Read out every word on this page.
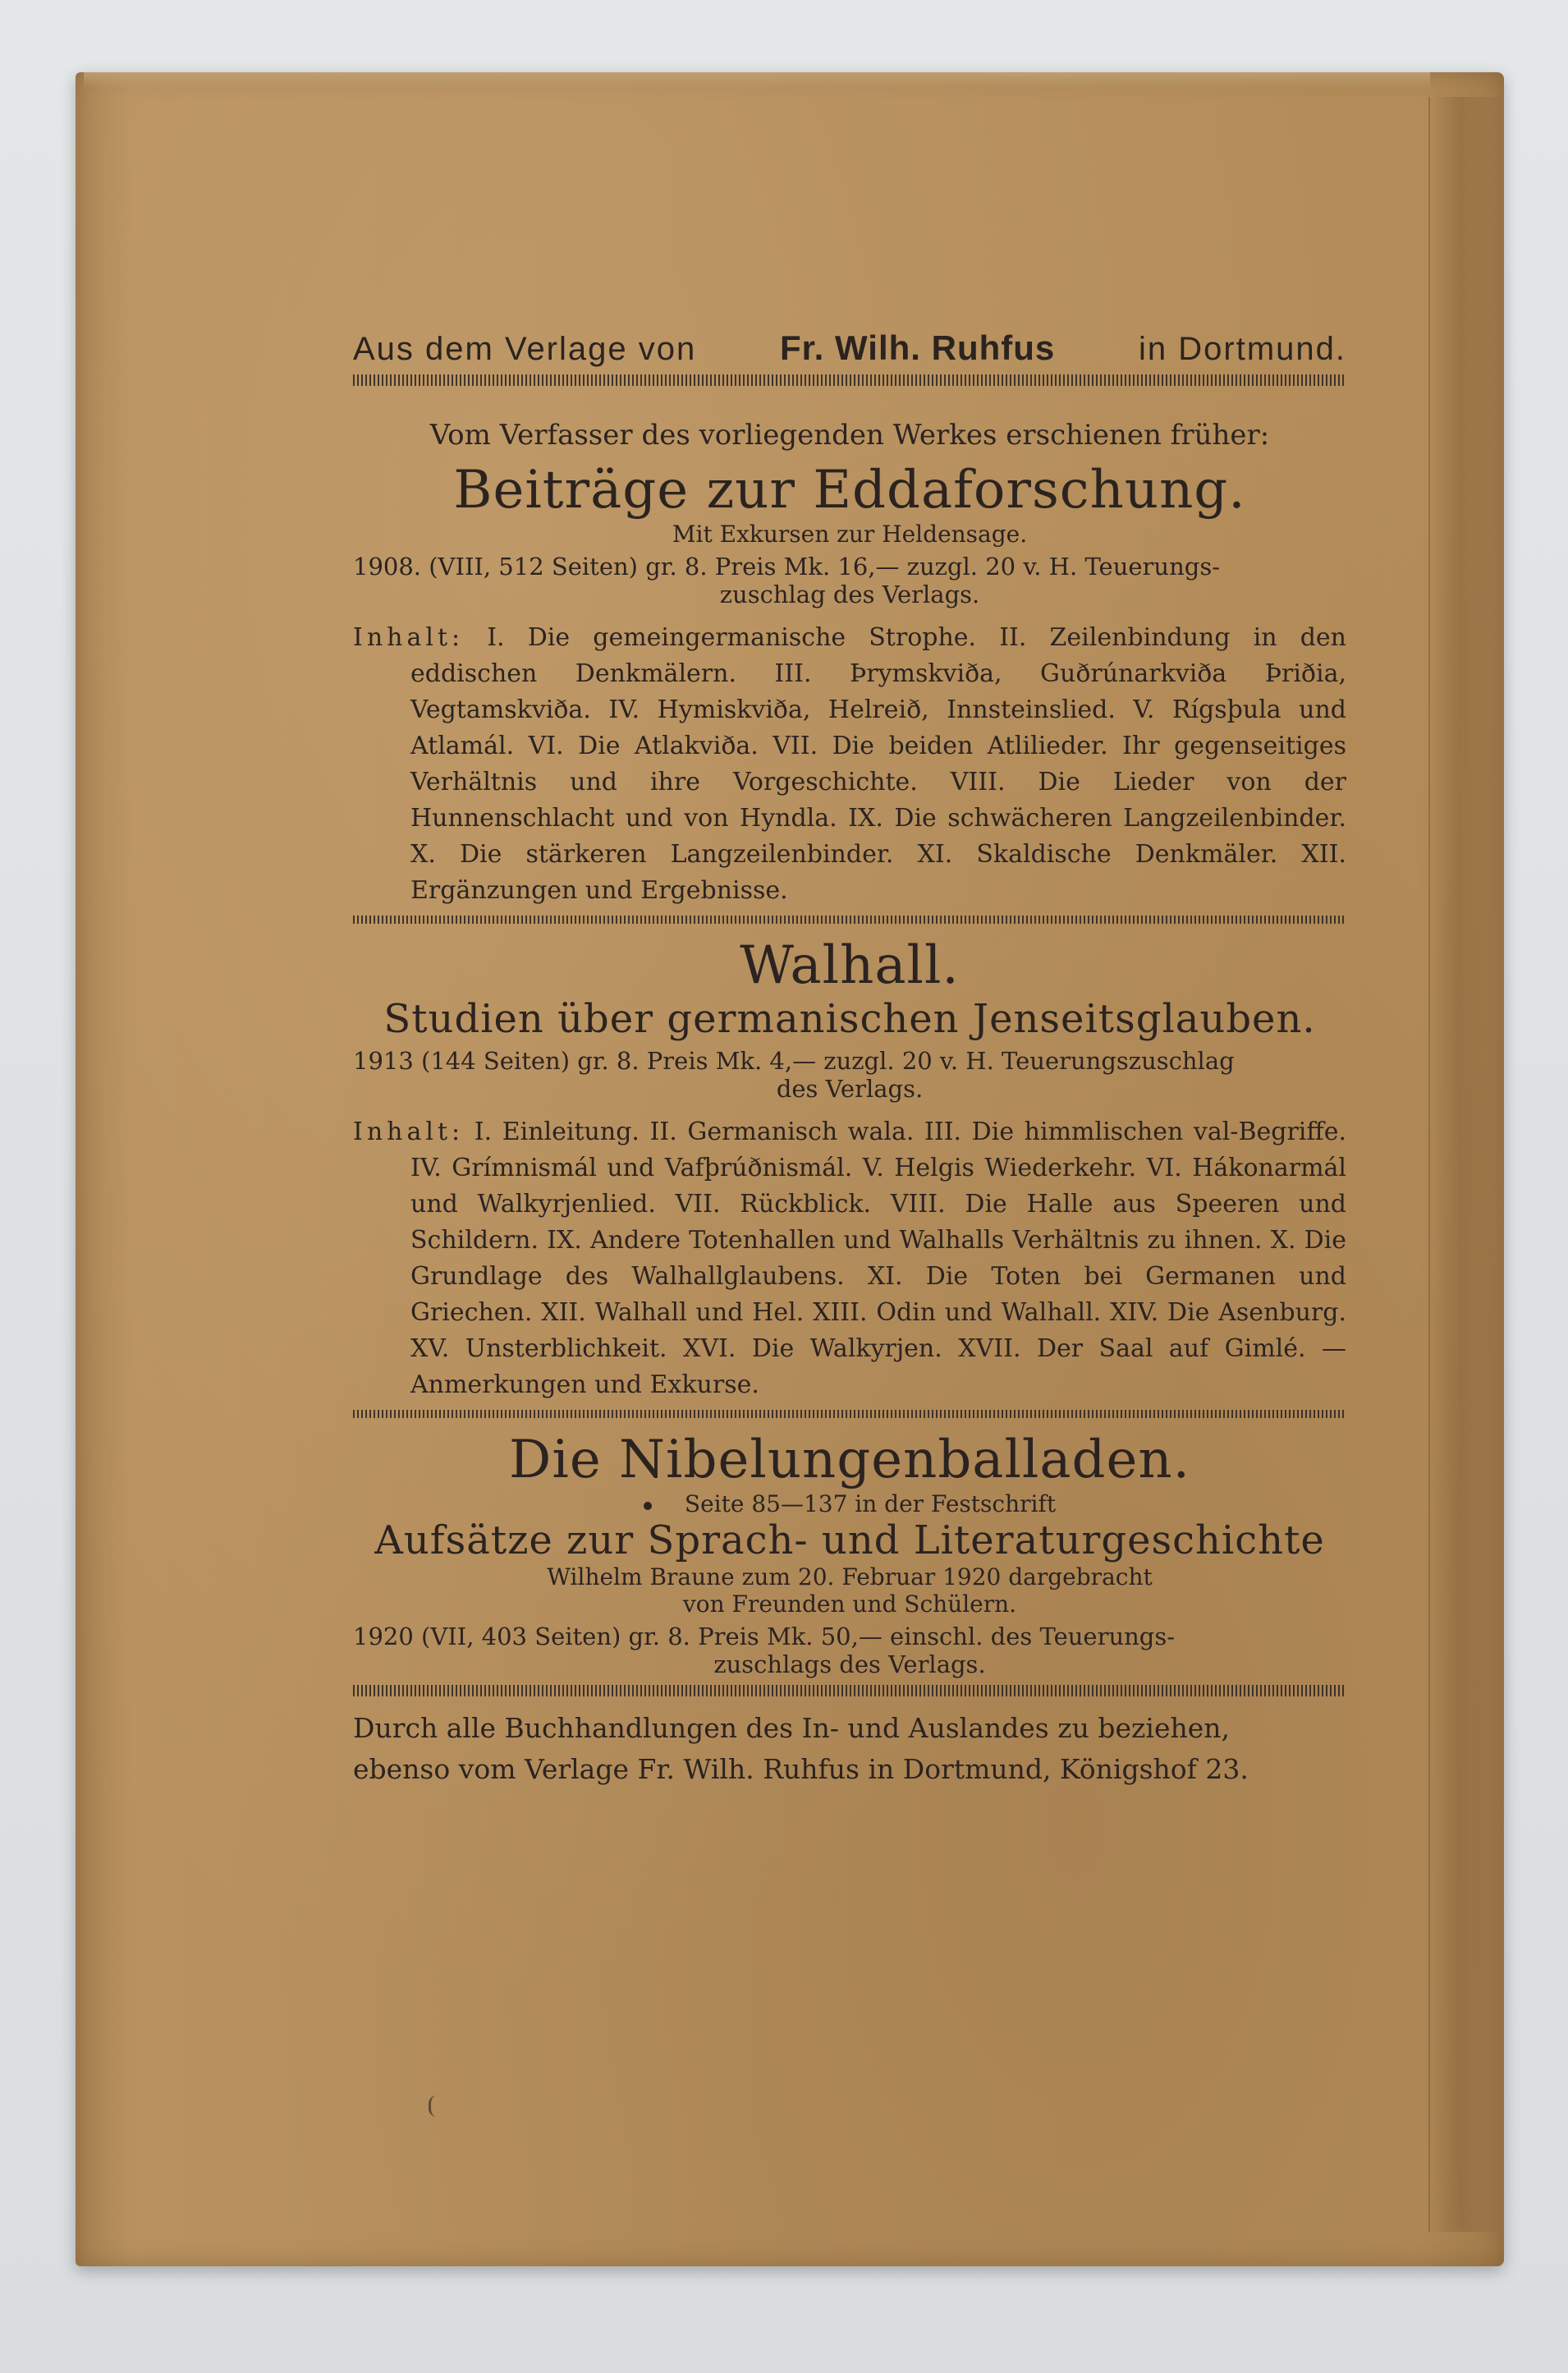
Aus dem Verlage von Fr. Wilh. Ruhfus	in Dortmund.
Vom Verfasser des vorliegenden Werkes erschienen früher:
Beiträge zur Eddaforschung.
Mit Exkursen zur Heldensage.
1908. (VIII, 512 Seiten) gr. 8. Preis Mk. 16,— zuzgl. 20 v. H. Teuerungs-
zuschlag des Verlags.
Inhalt: I. Die gemeingermanische Strophe. II. Zeilenbindung in den eddischen Denkmälern. III. Þrymskviða, Guðrúnarkviða Þriðia, Vegtamskviða. IV. Hymiskviða, Helreið, Innsteinslied. V. Rígsþula und Atlamál. VI. Die Atlakviða. VII. Die beiden Atlilieder. Ihr gegenseitiges Verhältnis und ihre Vorgeschichte. VIII. Die Lieder von der Hunnenschlacht und von Hyndla. IX. Die schwächeren Langzeilenbinder. X. Die stärkeren Langzeilenbinder. XI. Skaldische Denkmäler. XII. Ergänzungen und Ergebnisse.
Walhall.
Studien über germanischen Jenseitsglauben.
1913 (144 Seiten) gr. 8. Preis Mk. 4,— zuzgl. 20 v. H. Teuerungszuschlag
des Verlags.
Inhalt: I. Einleitung. II. Germanisch wala. III. Die himmlischen val-Begriffe. IV. Grímnismál und Vafþrúðnismál. V. Helgis Wiederkehr. VI. Hákonarmál und Walkyrjenlied. VII. Rückblick. VIII. Die Halle aus Speeren und Schildern. IX. Andere Totenhallen und Walhalls Verhältnis zu ihnen. X. Die Grundlage des Walhallglaubens. XI. Die Toten bei Germanen und Griechen. XII. Walhall und Hel. XIII. Odin und Walhall. XIV. Die Asenburg. XV. Unsterblichkeit. XVI. Die Walkyrjen. XVII. Der Saal auf Gimlé. — Anmerkungen und Exkurse.
Die Nibelungenballaden.
Seite 85—137 in der Festschrift
Aufsätze zur Sprach- und Literaturgeschichte
Wilhelm Braune zum 20. Februar 1920 dargebracht
von Freunden und Schülern.
1920 (VII, 403 Seiten) gr. 8. Preis Mk. 50,— einschl. des Teuerungs-
zuschlags des Verlags.
Durch alle Buchhandlungen des In- und Auslandes zu beziehen,
ebenso vom Verlage Fr. Wilh. Ruhfus in Dortmund, Königshof 23.
